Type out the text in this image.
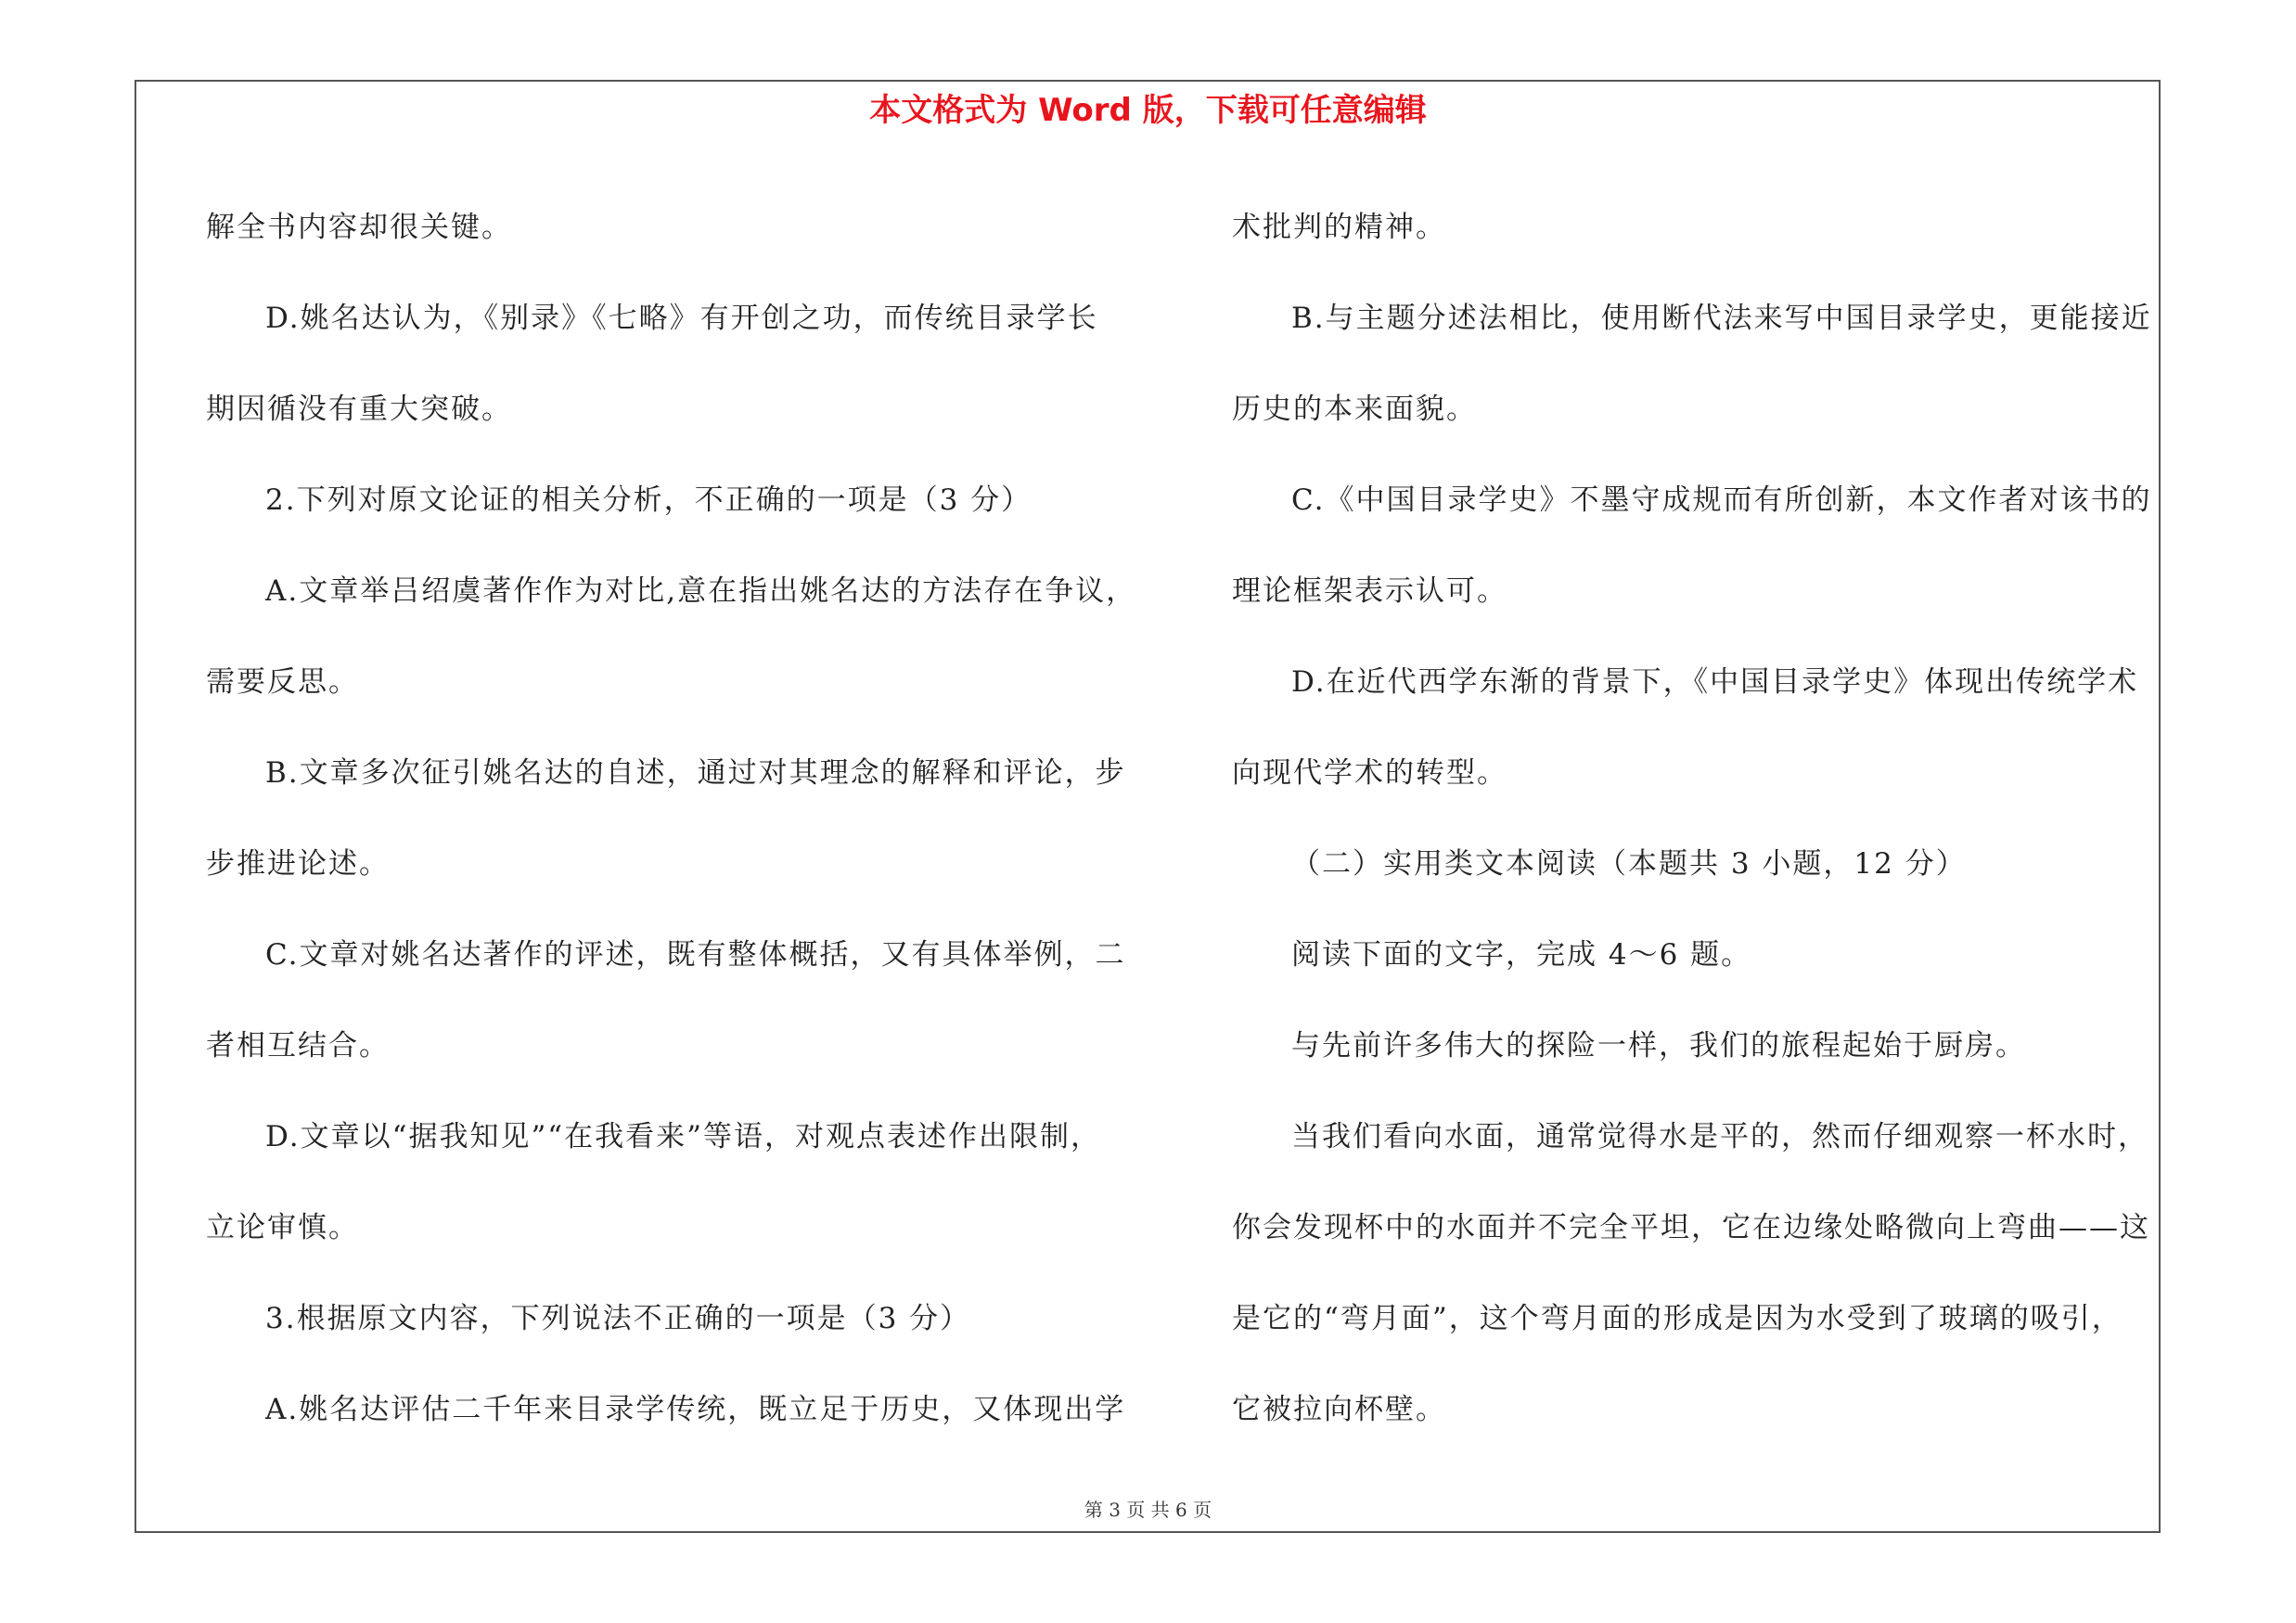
本文格式为 Word 版，下载可任意编辑
解全书内容却很关键。
D.姚名达认为，《别录》《七略》有开创之功，而传统目录学长
期因循没有重大突破。
2.下列对原文论证的相关分析，不正确的一项是（3 分）
A.文章举吕绍虞著作作为对比,意在指出姚名达的方法存在争议，
需要反思。
B.文章多次征引姚名达的自述，通过对其理念的解释和评论，步
步推进论述。
C.文章对姚名达著作的评述，既有整体概括，又有具体举例，二
者相互结合。
D.文章以“据我知见”“在我看来”等语，对观点表述作出限制，
立论审慎。
3.根据原文内容，下列说法不正确的一项是（3 分）
A.姚名达评估二千年来目录学传统，既立足于历史，又体现出学
术批判的精神。
B.与主题分述法相比，使用断代法来写中国目录学史，更能接近
历史的本来面貌。
C.《中国目录学史》不墨守成规而有所创新，本文作者对该书的
理论框架表示认可。
D.在近代西学东渐的背景下，《中国目录学史》体现出传统学术
向现代学术的转型。
（二）实用类文本阅读（本题共 3 小题，12 分）
阅读下面的文字，完成 4～6 题。
与先前许多伟大的探险一样，我们的旅程起始于厨房。
当我们看向水面，通常觉得水是平的，然而仔细观察一杯水时，
你会发现杯中的水面并不完全平坦，它在边缘处略微向上弯曲——这
是它的“弯月面”，这个弯月面的形成是因为水受到了玻璃的吸引，
它被拉向杯壁。
第 3 页 共 6 页
